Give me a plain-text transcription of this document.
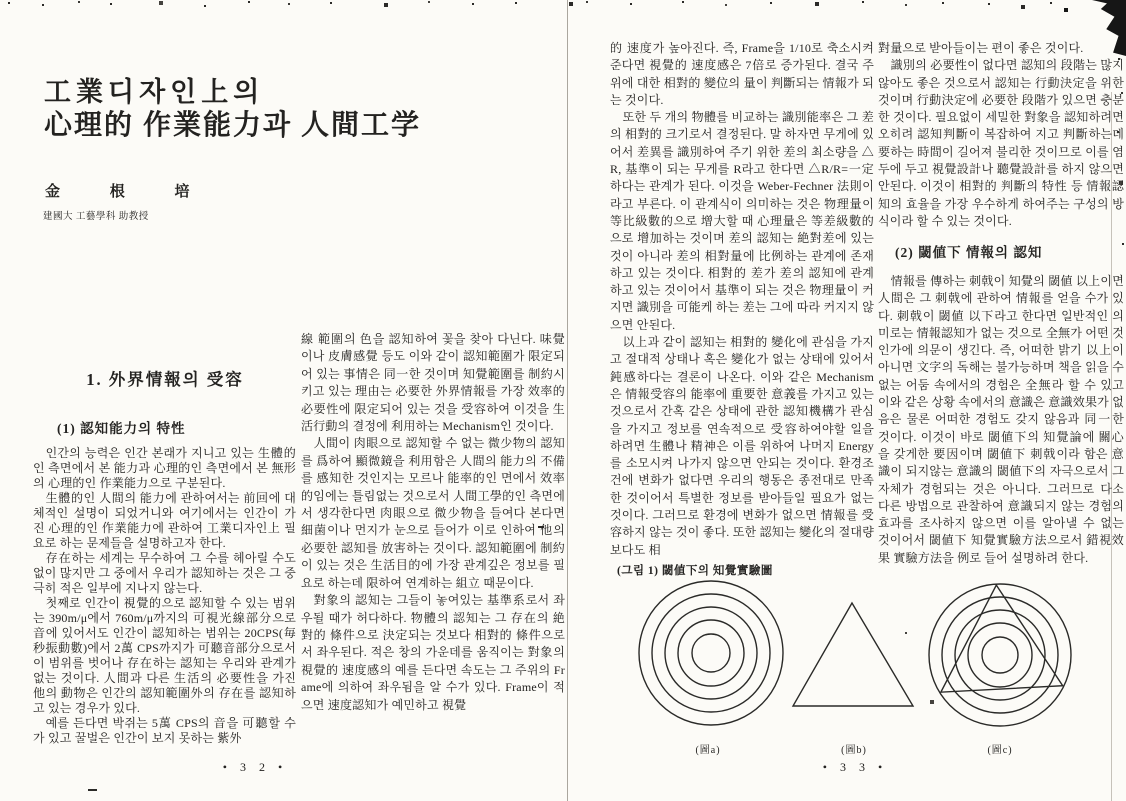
工業디자인上의
心理的 作業能力과 人間工学
金 根 培
建國大 工藝學科 助教授
1. 外界情報의 受容
(1) 認知能力의 特性

인간의 능력은 인간 본래가 지니고 있는 生體的인 측면에서 본 能力과 心理的인 측면에서 본 無形의 心理的인 作業能力으로 구분된다.

生體的인 人間의 能力에 관하여서는 前回에 대체적인 설명이 되었거니와 여기에서는 인간이 가진 心理的인 作業能力에 관하여 工業디자인上 필요로 하는 문제들을 설명하고자 한다.

存在하는 세계는 무수하여 그 수를 헤아릴 수도 없이 많지만 그 중에서 우리가 認知하는 것은 그 중 극히 적은 일부에 지나지 않는다.

첫째로 인간이 視覺的으로 認知할 수 있는 범위는 390m/μ에서 760m/μ까지의 可視光線部分으로 音에 있어서도 인간이 認知하는 범위는 20CPS(毎秒振動數)에서 2萬 CPS까지가 可聽音部分으로서 이 범위를 벗어나 存在하는 認知는 우리와 관계가 없는 것이다. 人間과 다른 生活의 必要性을 가진 他의 動物은 인간의 認知範圍外의 存在를 認知하고 있는 경우가 있다.

예를 든다면 박쥐는 5萬 CPS의 音을 可聽할 수가 있고 꿀벌은 인간이 보지 못하는 紫外

線 範圍의 色을 認知하여 꽃을 찾아 다닌다. 味覺이나 皮膚感覺 등도 이와 같이 認知範圍가 限定되어 있는 事情은 同一한 것이며 知覺範圍를 制約시키고 있는 理由는 必要한 外界情報를 가장 效率的 必要性에 限定되어 있는 것을 受容하여 이것을 生活行動의 결정에 利用하는 Mechanism인 것이다.

人間이 肉眼으로 認知할 수 없는 微少物의 認知를 爲하여 顯微鏡을 利用함은 人間의 能力의 不備를 感知한 것인지는 모르나 能率的인 면에서 效率的임에는 틀림없는 것으로서 人間工學的인 측면에서 생각한다면 肉眼으로 微少物을 들여다 본다면 細菌이나 먼지가 눈으로 들어가 이로 인하여 他의 必要한 認知를 放害하는 것이다. 認知範圍에 制約이 있는 것은 生活目的에 가장 관계깊은 정보를 필요로 하는데 限하여 연계하는 組立 때문이다.

對象의 認知는 그들이 놓여있는 基準系로서 좌우될 때가 허다하다. 物體의 認知는 그 存在의 絶對的 條件으로 決定되는 것보다 相對的 條件으로서 좌우된다. 적은 창의 가운데를 움직이는 對象의 視覺的 速度感의 예를 든다면 속도는 그 주위의 Frame에 의하여 좌우됨을 알 수가 있다. Frame이 적으면 速度認知가 예민하고 視覺

• 3 2 •

的 速度가 높아진다. 즉, Frame을 1/10로 축소시켜 준다면 視覺的 速度感은 7倍로 증가된다. 결국 주위에 대한 相對的 變位의 量이 判斷되는 情報가 되는 것이다.

또한 두 개의 物體를 비교하는 識別能率은 그 差의 相對的 크기로서 결정된다. 말 하자면 무게에 있어서 差異를 識別하여 주기 위한 差의 최소량을 △R, 基準이 되는 무게를 R라고 한다면 △R/R=一定하다는 관계가 된다. 이것을 Weber-Fechner 法則이라고 부른다. 이 관계식이 의미하는 것은 物理量이 等比級數的으로 增大할 때 心理量은 等差級數的으로 增加하는 것이며 差의 認知는 絶對差에 있는 것이 아니라 差의 相對量에 比例하는 관계에 존재하고 있는 것이다. 相對的 差가 差의 認知에 관계하고 있는 것이어서 基準이 되는 것은 物理量이 커지면 識別을 可能케 하는 差는 그에 따라 커지지 않으면 안된다.

以上과 같이 認知는 相對的 變化에 관심을 가지고 절대적 상태나 혹은 變化가 없는 상태에 있어서 鈍感하다는 결론이 나온다. 이와 같은 Mechanism은 情報受容의 能率에 重要한 意義를 가지고 있는 것으로서 간혹 같은 상태에 관한 認知機構가 관심을 가지고 정보를 연속적으로 受容하여야할 일을 하려면 生體나 精神은 이를 위하여 나머지 Energy를 소모시켜 나가지 않으면 안되는 것이다. 환경조건에 변화가 없다면 우리의 행동은 종전대로 만족한 것이어서 특별한 정보를 받아들일 필요가 없는 것이다. 그러므로 환경에 변화가 없으면 情報를 受容하지 않는 것이 좋다. 또한 認知는 變化의 절대량보다도 相

(그림 1) 閾値下의 知覺實驗圖

對量으로 받아들이는 편이 좋은 것이다.

識別의 必要性이 없다면 認知의 段階는 많지 않아도 좋은 것으로서 認知는 行動決定을 위한 것이며 行動決定에 必要한 段階가 있으면 충분한 것이다. 필요없이 세밀한 對象을 認知하려면 오히려 認知判斷이 복잡하여 지고 判斷하는데 要하는 時間이 길어져 불리한 것이므로 이를 염두에 두고 視覺設計나 聽覺設計를 하지 않으면 안된다. 이것이 相對的 判斷의 特性 등 情報認知의 효율을 가장 우수하게 하여주는 구성의 방식이라 할 수 있는 것이다.

(2) 閾値下 情報의 認知

情報를 傳하는 刺戟이 知覺의 閾値 以上이면 人間은 그 刺戟에 관하여 情報를 얻을 수가 있다. 刺戟이 閾値 以下라고 한다면 일반적인 의미로는 情報認知가 없는 것으로 全無가 어떤 것인가에 의문이 생긴다. 즉, 어떠한 밝기 以上이 아니면 文字의 독해는 불가능하며 책을 읽을 수 없는 어둠 속에서의 경험은 全無라 할 수 있고 이와 같은 상황 속에서의 意識은 意識效果가 없음은 물론 어떠한 경험도 갖지 않음과 同一한 것이다. 이것이 바로 閾値下의 知覺論에 關心을 갖게한 要因이며 閾値下 刺戟이라 함은 意識이 되지않는 意識의 閾値下의 자극으로서 그 자체가 경험되는 것은 아니다. 그러므로 다소 다른 방법으로 관찰하여 意識되지 않는 경험의 효과를 조사하지 않으면 이를 알아낼 수 없는 것이어서 閾値下 知覺實驗方法으로서 錯視效果 實驗方法을 例로 들어 설명하려 한다.

(圖a)	(圖b)	(圖c)
• 3 3 •
